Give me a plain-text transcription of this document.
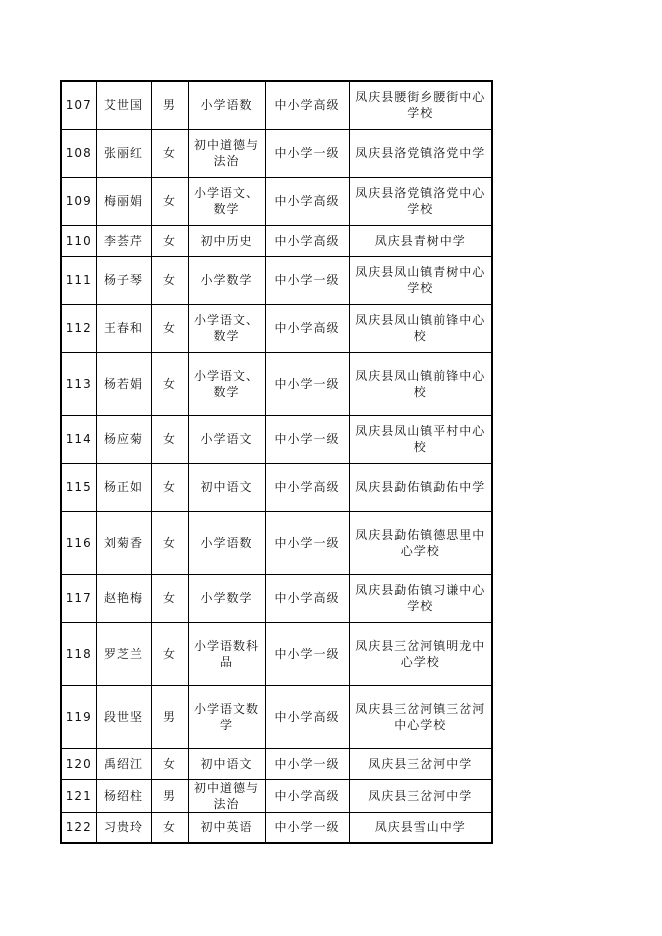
107	艾世国	男	小学语数	中小学高级	凤庆县腰街乡腰街中心学校
108	张丽红	女	初中道德与法治	中小学一级	凤庆县洛党镇洛党中学
109	梅丽娟	女	小学语文、数学	中小学高级	凤庆县洛党镇洛党中心学校
110	李荟芹	女	初中历史	中小学高级	凤庆县青树中学
111	杨子琴	女	小学数学	中小学一级	凤庆县凤山镇青树中心学校
112	王春和	女	小学语文、数学	中小学高级	凤庆县凤山镇前锋中心校
113	杨若娟	女	小学语文、数学	中小学一级	凤庆县凤山镇前锋中心校
114	杨应菊	女	小学语文	中小学一级	凤庆县凤山镇平村中心校
115	杨正如	女	初中语文	中小学高级	凤庆县勐佑镇勐佑中学
116	刘菊香	女	小学语数	中小学一级	凤庆县勐佑镇德思里中心学校
117	赵艳梅	女	小学数学	中小学高级	凤庆县勐佑镇习谦中心学校
118	罗芝兰	女	小学语数科品	中小学一级	凤庆县三岔河镇明龙中心学校
119	段世坚	男	小学语文数学	中小学高级	凤庆县三岔河镇三岔河中心学校
120	禹绍江	女	初中语文	中小学一级	凤庆县三岔河中学
121	杨绍柱	男	初中道德与法治	中小学高级	凤庆县三岔河中学
122	习贵玲	女	初中英语	中小学一级	凤庆县雪山中学
